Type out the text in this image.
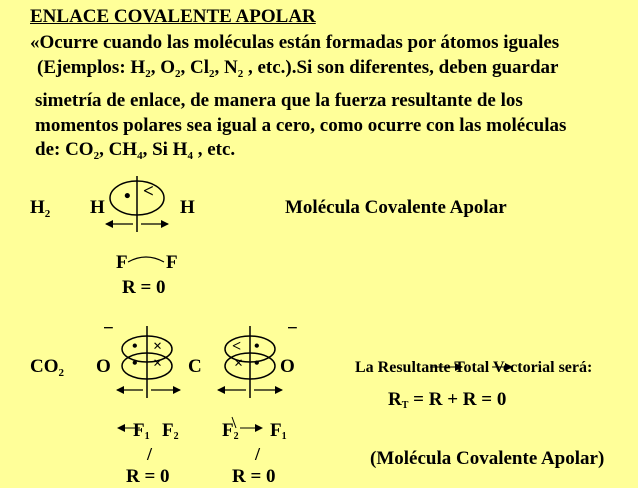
ENLACE COVALENTE APOLAR
«Ocurre cuando las moléculas están formadas por átomos iguales
(Ejemplos: $H_2$, $O_2$, $Cl_2$, $N_2$ , etc.).Si son diferentes, deben guardar
simetría de enlace, de manera que la fuerza resultante de los
momentos polares sea igual a cero, como ocurre con las moléculas
de: $CO_2$, $CH_4$, Si $H_4$ , etc.
$H_2$ H	H
• <
Molécula Covalente Apolar
F F
R = 0
−	−
$CO_2$ O	C	O
• ×
• ×
< •
× •
F1 F2 F2 F1
/	/
R = 0	R = 0
La Resultante Total Vectorial será:
RT = R + R = 0
(Molécula Covalente Apolar)
